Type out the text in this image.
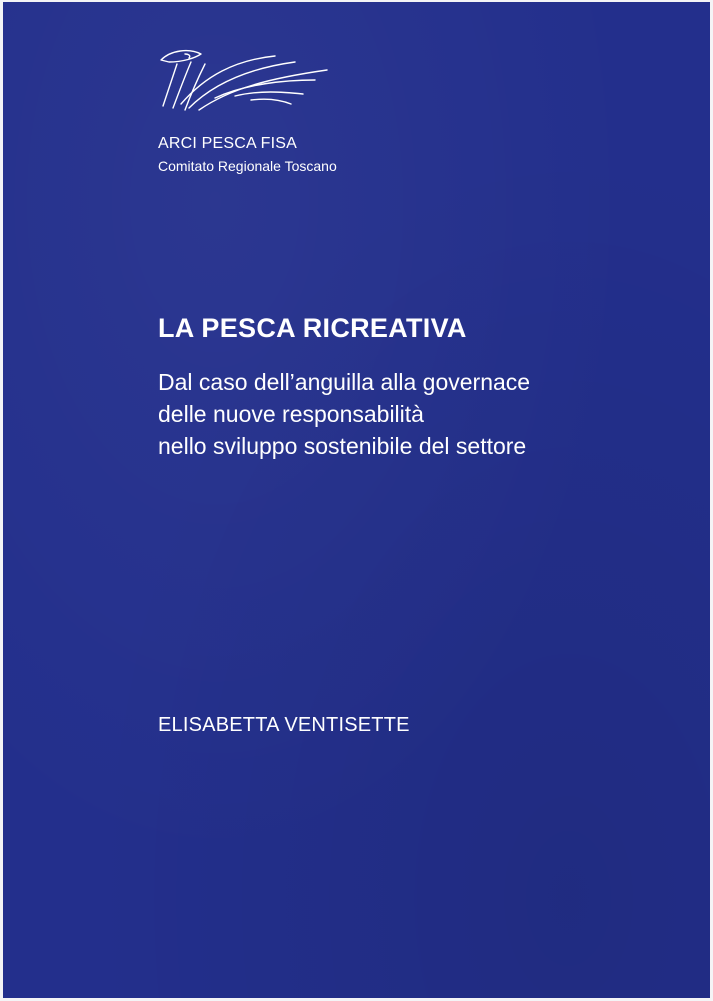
ARCI PESCA FISA
Comitato Regionale Toscano
LA PESCA RICREATIVA
Dal caso dell’anguilla alla governace
delle nuove responsabilità
nello sviluppo sostenibile del settore
ELISABETTA VENTISETTE
